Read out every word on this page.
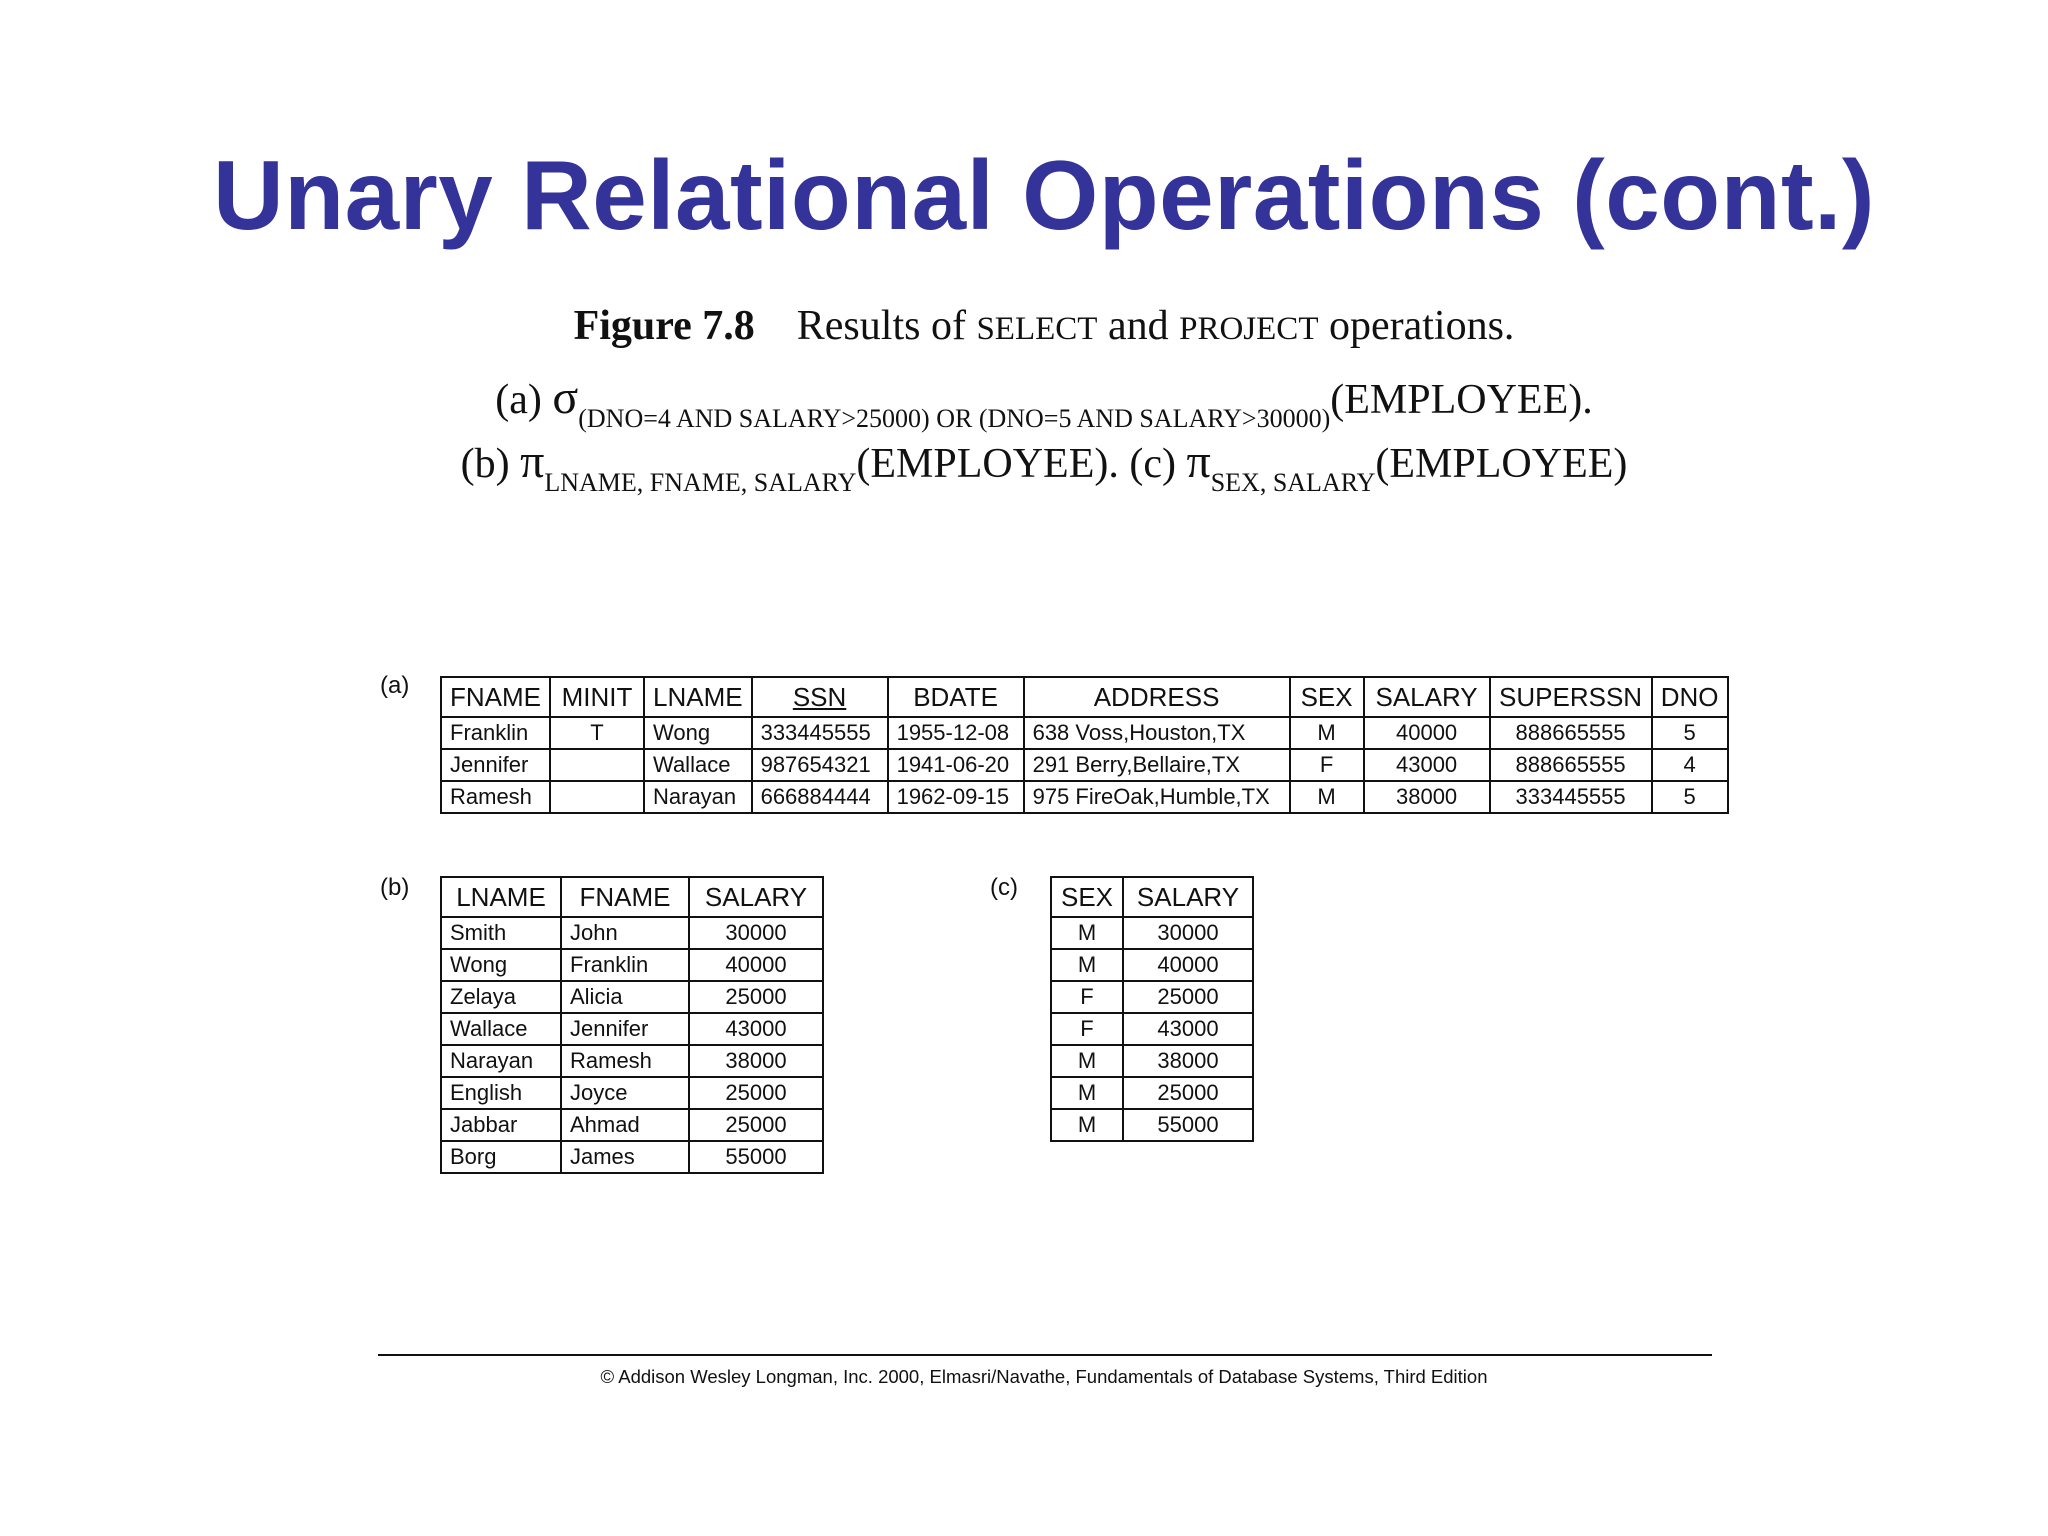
Unary Relational Operations (cont.)
Figure 7.8 Results of SELECT and PROJECT operations.
(a) $\sigma_{(DNO=4 AND SALARY>25000) OR (DNO=5 AND SALARY>30000)}(EMPLOYEE)$.
(b) $\pi_{LNAME, FNAME, SALARY}(EMPLOYEE)$. (c) $\pi_{SEX, SALARY}(EMPLOYEE)$
(a)
(b)	(c)
FNAME	MINIT	LNAME	SSN	BDATE	ADDRESS	SEX	SALARY	SUPERSSN	DNO
Franklin	T	Wong	333445555	1955-12-08	638 Voss,Houston,TX	M	40000	888665555	5
Jennifer		Wallace	987654321	1941-06-20	291 Berry,Bellaire,TX	F	43000	888665555	4
Ramesh		Narayan	666884444	1962-09-15	975 FireOak,Humble,TX	M	38000	333445555	5
LNAME	FNAME	SALARY
Smith	John	30000
Wong	Franklin	40000
Zelaya	Alicia	25000
Wallace	Jennifer	43000
Narayan	Ramesh	38000
English	Joyce	25000
Jabbar	Ahmad	25000
Borg	James	55000
SEX	SALARY
M	30000
M	40000
F	25000
F	43000
M	38000
M	25000
M	55000
© Addison Wesley Longman, Inc. 2000, Elmasri/Navathe, Fundamentals of Database Systems, Third Edition
